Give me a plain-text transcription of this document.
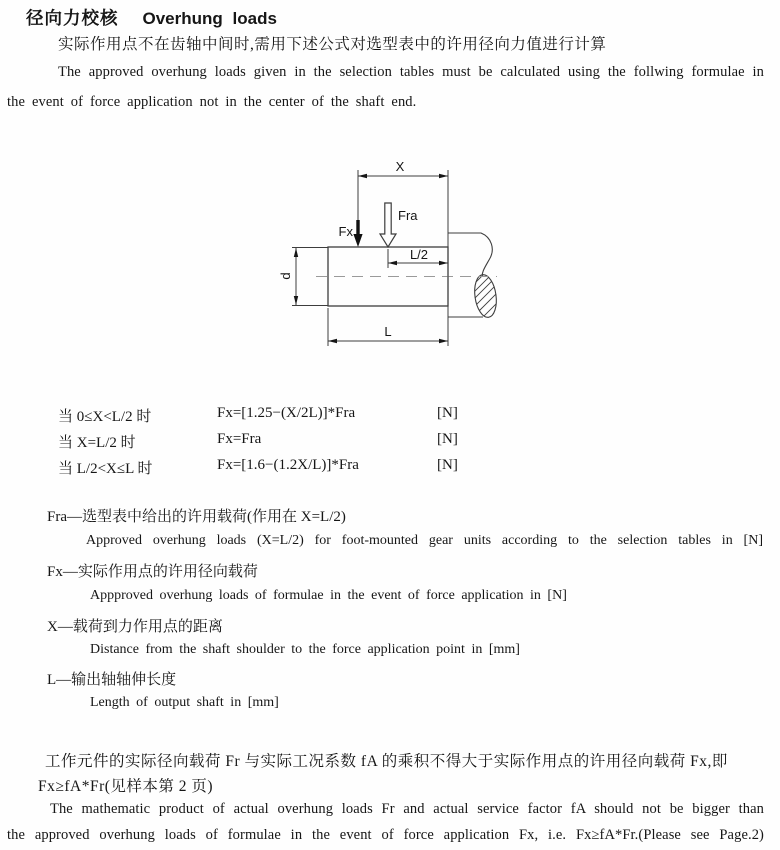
径向力校核 Overhung loads
实际作用点不在齿轴中间时,需用下述公式对选型表中的许用径向力值进行计算
The approved overhung loads given in the selection tables must be calculated using the follwing formulae in
the event of force application not in the center of the shaft end.
X
Fx
Fra
L/2
d
L
当 0≤X<L/2 时	Fx=[1.25−(X/2L)]*Fra	[N]
当 X=L/2 时	Fx=Fra	[N]
当 L/2<X≤L 时	Fx=[1.6−(1.2X/L)]*Fra	[N]
Fra—选型表中给出的许用载荷(作用在 X=L/2)
Approved overhung loads (X=L/2) for foot-mounted gear units according to the selection tables in [N]
Fx—实际作用点的许用径向载荷
Appproved overhung loads of formulae in the event of force application in [N]
X—载荷到力作用点的距离
Distance from the shaft shoulder to the force application point in [mm]
L—输出轴轴伸长度
Length of output shaft in [mm]
工作元件的实际径向载荷 Fr 与实际工况系数 fA 的乘积不得大于实际作用点的许用径向载荷 Fx,即
Fx≥fA*Fr(见样本第 2 页)
The mathematic product of actual overhung loads Fr and actual service factor fA should not be bigger than
the approved overhung loads of formulae in the event of force application Fx, i.e. Fx≥fA*Fr.(Please see Page.2)
